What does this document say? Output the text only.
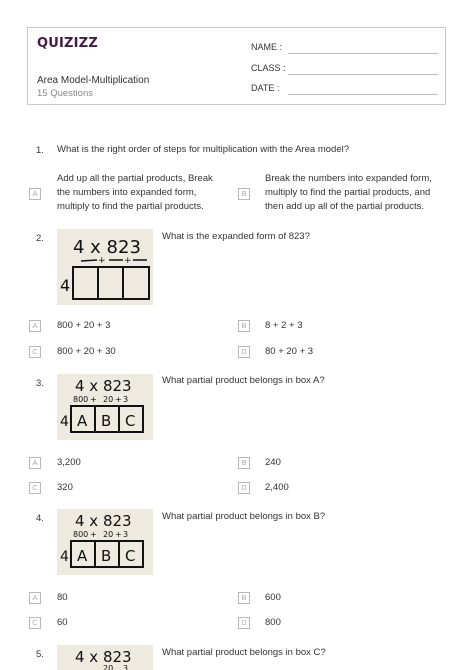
QUIZIZZ
Area Model-Multiplication
15 Questions
NAME :
CLASS :
DATE :
1. What is the right order of steps for multiplication with the Area model?
A
Add up all the partial products, Break the numbers into expanded form, multiply to find the partial products.
B
Break the numbers into expanded form, multiply to find the partial products, and then add up all of the partial products.
2. 4 x 823
+ +
4
What is the expanded form of 823?
A	800 + 20 + 3	B	8 + 2 + 3
C	800 + 20 + 30	D	80 + 20 + 3
3. 4 x 823
800 + 20 + 3
A B C
4
What partial product belongs in box A?
A	3,200	B	240
C	320	D	2,400
4. 4 x 823
800 + 20 + 3
A B C
4
What partial product belongs in box B?
A	80	B	600
C	60	D	800
5. 4 x 823
20 3
What partial product belongs in box C?
